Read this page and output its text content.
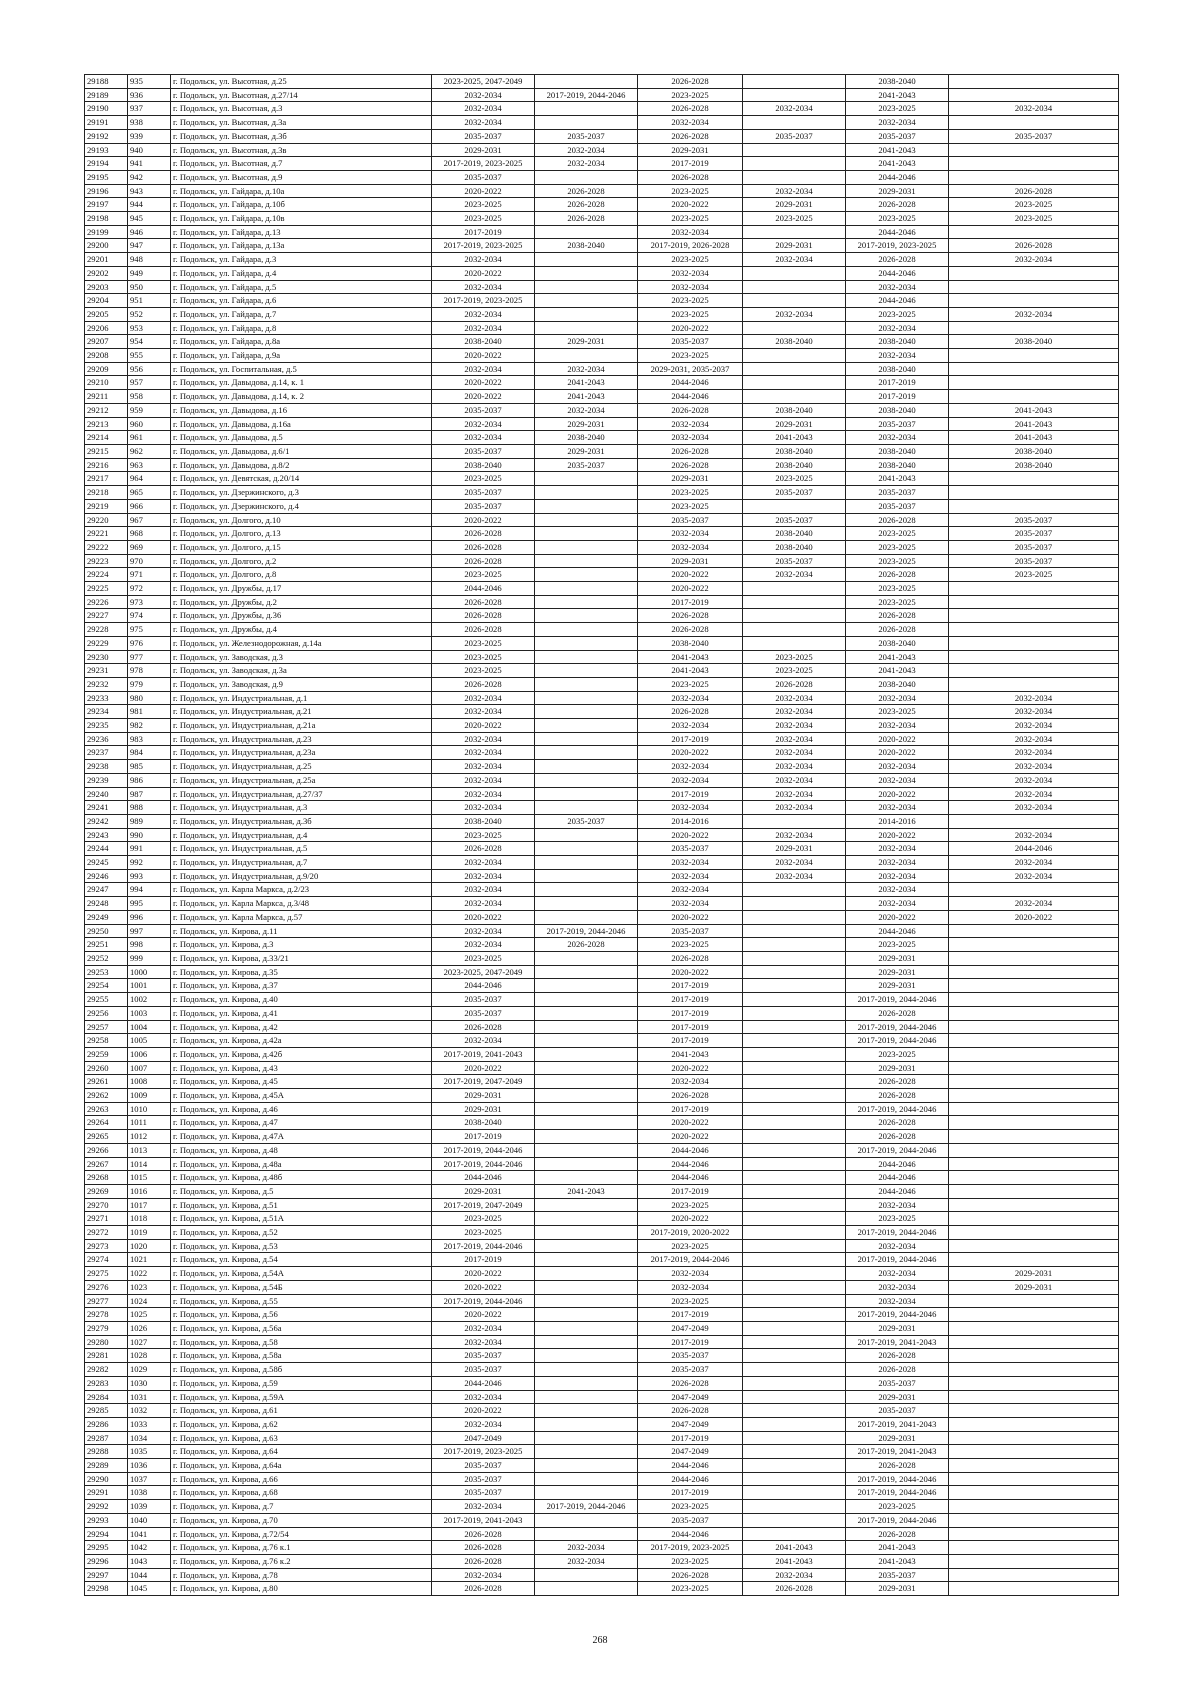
29188	935	г. Подольск, ул. Высотная, д.25	2023-2025, 2047-2049		2026-2028		2038-2040	
29189	936	г. Подольск, ул. Высотная, д.27/14	2032-2034	2017-2019, 2044-2046	2023-2025		2041-2043	
29190	937	г. Подольск, ул. Высотная, д.3	2032-2034		2026-2028	2032-2034	2023-2025	2032-2034
29191	938	г. Подольск, ул. Высотная, д.3а	2032-2034		2032-2034		2032-2034	
29192	939	г. Подольск, ул. Высотная, д.3б	2035-2037	2035-2037	2026-2028	2035-2037	2035-2037	2035-2037
29193	940	г. Подольск, ул. Высотная, д.3в	2029-2031	2032-2034	2029-2031		2041-2043	
29194	941	г. Подольск, ул. Высотная, д.7	2017-2019, 2023-2025	2032-2034	2017-2019		2041-2043	
29195	942	г. Подольск, ул. Высотная, д.9	2035-2037		2026-2028		2044-2046	
29196	943	г. Подольск, ул. Гайдара, д.10а	2020-2022	2026-2028	2023-2025	2032-2034	2029-2031	2026-2028
29197	944	г. Подольск, ул. Гайдара, д.10б	2023-2025	2026-2028	2020-2022	2029-2031	2026-2028	2023-2025
29198	945	г. Подольск, ул. Гайдара, д.10в	2023-2025	2026-2028	2023-2025	2023-2025	2023-2025	2023-2025
29199	946	г. Подольск, ул. Гайдара, д.13	2017-2019		2032-2034		2044-2046	
29200	947	г. Подольск, ул. Гайдара, д.13а	2017-2019, 2023-2025	2038-2040	2017-2019, 2026-2028	2029-2031	2017-2019, 2023-2025	2026-2028
29201	948	г. Подольск, ул. Гайдара, д.3	2032-2034		2023-2025	2032-2034	2026-2028	2032-2034
29202	949	г. Подольск, ул. Гайдара, д.4	2020-2022		2032-2034		2044-2046	
29203	950	г. Подольск, ул. Гайдара, д.5	2032-2034		2032-2034		2032-2034	
29204	951	г. Подольск, ул. Гайдара, д.6	2017-2019, 2023-2025		2023-2025		2044-2046	
29205	952	г. Подольск, ул. Гайдара, д.7	2032-2034		2023-2025	2032-2034	2023-2025	2032-2034
29206	953	г. Подольск, ул. Гайдара, д.8	2032-2034		2020-2022		2032-2034	
29207	954	г. Подольск, ул. Гайдара, д.8а	2038-2040	2029-2031	2035-2037	2038-2040	2038-2040	2038-2040
29208	955	г. Подольск, ул. Гайдара, д.9а	2020-2022		2023-2025		2032-2034	
29209	956	г. Подольск, ул. Госпитальная, д.5	2032-2034	2032-2034	2029-2031, 2035-2037		2038-2040	
29210	957	г. Подольск, ул. Давыдова, д.14, к. 1	2020-2022	2041-2043	2044-2046		2017-2019	
29211	958	г. Подольск, ул. Давыдова, д.14, к. 2	2020-2022	2041-2043	2044-2046		2017-2019	
29212	959	г. Подольск, ул. Давыдова, д.16	2035-2037	2032-2034	2026-2028	2038-2040	2038-2040	2041-2043
29213	960	г. Подольск, ул. Давыдова, д.16а	2032-2034	2029-2031	2032-2034	2029-2031	2035-2037	2041-2043
29214	961	г. Подольск, ул. Давыдова, д.5	2032-2034	2038-2040	2032-2034	2041-2043	2032-2034	2041-2043
29215	962	г. Подольск, ул. Давыдова, д.6/1	2035-2037	2029-2031	2026-2028	2038-2040	2038-2040	2038-2040
29216	963	г. Подольск, ул. Давыдова, д.8/2	2038-2040	2035-2037	2026-2028	2038-2040	2038-2040	2038-2040
29217	964	г. Подольск, ул. Девятская, д.20/14	2023-2025		2029-2031	2023-2025	2041-2043	
29218	965	г. Подольск, ул. Дзержинского, д.3	2035-2037		2023-2025	2035-2037	2035-2037	
29219	966	г. Подольск, ул. Дзержинского, д.4	2035-2037		2023-2025		2035-2037	
29220	967	г. Подольск, ул. Долгого, д.10	2020-2022		2035-2037	2035-2037	2026-2028	2035-2037
29221	968	г. Подольск, ул. Долгого, д.13	2026-2028		2032-2034	2038-2040	2023-2025	2035-2037
29222	969	г. Подольск, ул. Долгого, д.15	2026-2028		2032-2034	2038-2040	2023-2025	2035-2037
29223	970	г. Подольск, ул. Долгого, д.2	2026-2028		2029-2031	2035-2037	2023-2025	2035-2037
29224	971	г. Подольск, ул. Долгого, д.8	2023-2025		2020-2022	2032-2034	2026-2028	2023-2025
29225	972	г. Подольск, ул. Дружбы, д.17	2044-2046		2020-2022		2023-2025	
29226	973	г. Подольск, ул. Дружбы, д.2	2026-2028		2017-2019		2023-2025	
29227	974	г. Подольск, ул. Дружбы, д.36	2026-2028		2026-2028		2026-2028	
29228	975	г. Подольск, ул. Дружбы, д.4	2026-2028		2026-2028		2026-2028	
29229	976	г. Подольск, ул. Железнодорожная, д.14а	2023-2025		2038-2040		2038-2040	
29230	977	г. Подольск, ул. Заводская, д.3	2023-2025		2041-2043	2023-2025	2041-2043	
29231	978	г. Подольск, ул. Заводская, д.3а	2023-2025		2041-2043	2023-2025	2041-2043	
29232	979	г. Подольск, ул. Заводская, д.9	2026-2028		2023-2025	2026-2028	2038-2040	
29233	980	г. Подольск, ул. Индустриальная, д.1	2032-2034		2032-2034	2032-2034	2032-2034	2032-2034
29234	981	г. Подольск, ул. Индустриальная, д.21	2032-2034		2026-2028	2032-2034	2023-2025	2032-2034
29235	982	г. Подольск, ул. Индустриальная, д.21а	2020-2022		2032-2034	2032-2034	2032-2034	2032-2034
29236	983	г. Подольск, ул. Индустриальная, д.23	2032-2034		2017-2019	2032-2034	2020-2022	2032-2034
29237	984	г. Подольск, ул. Индустриальная, д.23а	2032-2034		2020-2022	2032-2034	2020-2022	2032-2034
29238	985	г. Подольск, ул. Индустриальная, д.25	2032-2034		2032-2034	2032-2034	2032-2034	2032-2034
29239	986	г. Подольск, ул. Индустриальная, д.25а	2032-2034		2032-2034	2032-2034	2032-2034	2032-2034
29240	987	г. Подольск, ул. Индустриальная, д.27/37	2032-2034		2017-2019	2032-2034	2020-2022	2032-2034
29241	988	г. Подольск, ул. Индустриальная, д.3	2032-2034		2032-2034	2032-2034	2032-2034	2032-2034
29242	989	г. Подольск, ул. Индустриальная, д.3б	2038-2040	2035-2037	2014-2016		2014-2016	
29243	990	г. Подольск, ул. Индустриальная, д.4	2023-2025		2020-2022	2032-2034	2020-2022	2032-2034
29244	991	г. Подольск, ул. Индустриальная, д.5	2026-2028		2035-2037	2029-2031	2032-2034	2044-2046
29245	992	г. Подольск, ул. Индустриальная, д.7	2032-2034		2032-2034	2032-2034	2032-2034	2032-2034
29246	993	г. Подольск, ул. Индустриальная, д.9/20	2032-2034		2032-2034	2032-2034	2032-2034	2032-2034
29247	994	г. Подольск, ул. Карла Маркса, д.2/23	2032-2034		2032-2034		2032-2034	
29248	995	г. Подольск, ул. Карла Маркса, д.3/48	2032-2034		2032-2034		2032-2034	2032-2034
29249	996	г. Подольск, ул. Карла Маркса, д.57	2020-2022		2020-2022		2020-2022	2020-2022
29250	997	г. Подольск, ул. Кирова, д.11	2032-2034	2017-2019, 2044-2046	2035-2037		2044-2046	
29251	998	г. Подольск, ул. Кирова, д.3	2032-2034	2026-2028	2023-2025		2023-2025	
29252	999	г. Подольск, ул. Кирова, д.33/21	2023-2025		2026-2028		2029-2031	
29253	1000	г. Подольск, ул. Кирова, д.35	2023-2025, 2047-2049		2020-2022		2029-2031	
29254	1001	г. Подольск, ул. Кирова, д.37	2044-2046		2017-2019		2029-2031	
29255	1002	г. Подольск, ул. Кирова, д.40	2035-2037		2017-2019		2017-2019, 2044-2046	
29256	1003	г. Подольск, ул. Кирова, д.41	2035-2037		2017-2019		2026-2028	
29257	1004	г. Подольск, ул. Кирова, д.42	2026-2028		2017-2019		2017-2019, 2044-2046	
29258	1005	г. Подольск, ул. Кирова, д.42а	2032-2034		2017-2019		2017-2019, 2044-2046	
29259	1006	г. Подольск, ул. Кирова, д.42б	2017-2019, 2041-2043		2041-2043		2023-2025	
29260	1007	г. Подольск, ул. Кирова, д.43	2020-2022		2020-2022		2029-2031	
29261	1008	г. Подольск, ул. Кирова, д.45	2017-2019, 2047-2049		2032-2034		2026-2028	
29262	1009	г. Подольск, ул. Кирова, д.45А	2029-2031		2026-2028		2026-2028	
29263	1010	г. Подольск, ул. Кирова, д.46	2029-2031		2017-2019		2017-2019, 2044-2046	
29264	1011	г. Подольск, ул. Кирова, д.47	2038-2040		2020-2022		2026-2028	
29265	1012	г. Подольск, ул. Кирова, д.47А	2017-2019		2020-2022		2026-2028	
29266	1013	г. Подольск, ул. Кирова, д.48	2017-2019, 2044-2046		2044-2046		2017-2019, 2044-2046	
29267	1014	г. Подольск, ул. Кирова, д.48а	2017-2019, 2044-2046		2044-2046		2044-2046	
29268	1015	г. Подольск, ул. Кирова, д.48б	2044-2046		2044-2046		2044-2046	
29269	1016	г. Подольск, ул. Кирова, д.5	2029-2031	2041-2043	2017-2019		2044-2046	
29270	1017	г. Подольск, ул. Кирова, д.51	2017-2019, 2047-2049		2023-2025		2032-2034	
29271	1018	г. Подольск, ул. Кирова, д.51А	2023-2025		2020-2022		2023-2025	
29272	1019	г. Подольск, ул. Кирова, д.52	2023-2025		2017-2019, 2020-2022		2017-2019, 2044-2046	
29273	1020	г. Подольск, ул. Кирова, д.53	2017-2019, 2044-2046		2023-2025		2032-2034	
29274	1021	г. Подольск, ул. Кирова, д.54	2017-2019		2017-2019, 2044-2046		2017-2019, 2044-2046	
29275	1022	г. Подольск, ул. Кирова, д.54А	2020-2022		2032-2034		2032-2034	2029-2031
29276	1023	г. Подольск, ул. Кирова, д.54Б	2020-2022		2032-2034		2032-2034	2029-2031
29277	1024	г. Подольск, ул. Кирова, д.55	2017-2019, 2044-2046		2023-2025		2032-2034	
29278	1025	г. Подольск, ул. Кирова, д.56	2020-2022		2017-2019		2017-2019, 2044-2046	
29279	1026	г. Подольск, ул. Кирова, д.56а	2032-2034		2047-2049		2029-2031	
29280	1027	г. Подольск, ул. Кирова, д.58	2032-2034		2017-2019		2017-2019, 2041-2043	
29281	1028	г. Подольск, ул. Кирова, д.58а	2035-2037		2035-2037		2026-2028	
29282	1029	г. Подольск, ул. Кирова, д.58б	2035-2037		2035-2037		2026-2028	
29283	1030	г. Подольск, ул. Кирова, д.59	2044-2046		2026-2028		2035-2037	
29284	1031	г. Подольск, ул. Кирова, д.59А	2032-2034		2047-2049		2029-2031	
29285	1032	г. Подольск, ул. Кирова, д.61	2020-2022		2026-2028		2035-2037	
29286	1033	г. Подольск, ул. Кирова, д.62	2032-2034		2047-2049		2017-2019, 2041-2043	
29287	1034	г. Подольск, ул. Кирова, д.63	2047-2049		2017-2019		2029-2031	
29288	1035	г. Подольск, ул. Кирова, д.64	2017-2019, 2023-2025		2047-2049		2017-2019, 2041-2043	
29289	1036	г. Подольск, ул. Кирова, д.64а	2035-2037		2044-2046		2026-2028	
29290	1037	г. Подольск, ул. Кирова, д.66	2035-2037		2044-2046		2017-2019, 2044-2046	
29291	1038	г. Подольск, ул. Кирова, д.68	2035-2037		2017-2019		2017-2019, 2044-2046	
29292	1039	г. Подольск, ул. Кирова, д.7	2032-2034	2017-2019, 2044-2046	2023-2025		2023-2025	
29293	1040	г. Подольск, ул. Кирова, д.70	2017-2019, 2041-2043		2035-2037		2017-2019, 2044-2046	
29294	1041	г. Подольск, ул. Кирова, д.72/54	2026-2028		2044-2046		2026-2028	
29295	1042	г. Подольск, ул. Кирова, д.76 к.1	2026-2028	2032-2034	2017-2019, 2023-2025	2041-2043	2041-2043	
29296	1043	г. Подольск, ул. Кирова, д.76 к.2	2026-2028	2032-2034	2023-2025	2041-2043	2041-2043	
29297	1044	г. Подольск, ул. Кирова, д.78	2032-2034		2026-2028	2032-2034	2035-2037	
29298	1045	г. Подольск, ул. Кирова, д.80	2026-2028		2023-2025	2026-2028	2029-2031	
268
